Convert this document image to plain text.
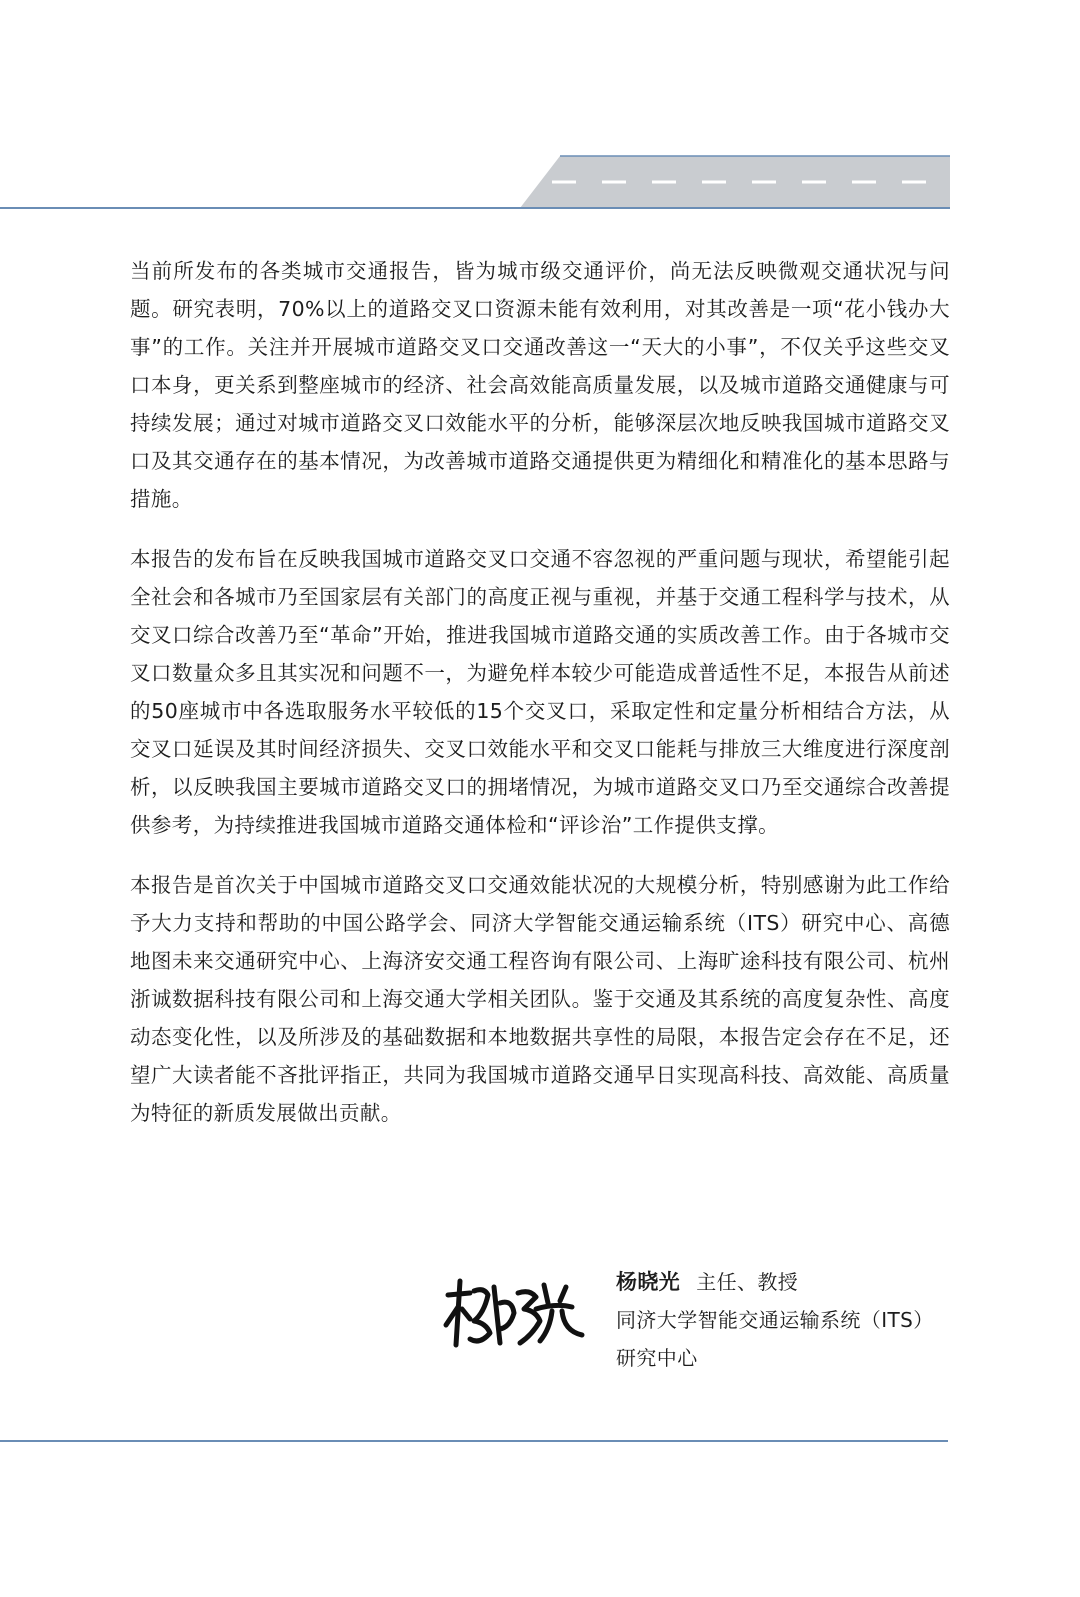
当前所发布的各类城市交通报告，皆为城市级交通评价，尚无法反映微观交通状况与问题。研究表明，70%以上的道路交叉口资源未能有效利用，对其改善是一项“花小钱办大事”的工作。关注并开展城市道路交叉口交通改善这一“天大的小事”，不仅关乎这些交叉口本身，更关系到整座城市的经济、社会高效能高质量发展，以及城市道路交通健康与可持续发展；通过对城市道路交叉口效能水平的分析，能够深层次地反映我国城市道路交叉口及其交通存在的基本情况，为改善城市道路交通提供更为精细化和精准化的基本思路与措施。

本报告的发布旨在反映我国城市道路交叉口交通不容忽视的严重问题与现状，希望能引起全社会和各城市乃至国家层有关部门的高度正视与重视，并基于交通工程科学与技术，从交叉口综合改善乃至“革命”开始，推进我国城市道路交通的实质改善工作。由于各城市交叉口数量众多且其实况和问题不一，为避免样本较少可能造成普适性不足，本报告从前述的50座城市中各选取服务水平较低的15个交叉口，采取定性和定量分析相结合方法，从交叉口延误及其时间经济损失、交叉口效能水平和交叉口能耗与排放三大维度进行深度剖析，以反映我国主要城市道路交叉口的拥堵情况，为城市道路交叉口乃至交通综合改善提供参考，为持续推进我国城市道路交通体检和“评诊治”工作提供支撑。

本报告是首次关于中国城市道路交叉口交通效能状况的大规模分析，特别感谢为此工作给予大力支持和帮助的中国公路学会、同济大学智能交通运输系统（ITS）研究中心、高德地图未来交通研究中心、上海济安交通工程咨询有限公司、上海旷途科技有限公司、杭州浙诚数据科技有限公司和上海交通大学相关团队。鉴于交通及其系统的高度复杂性、高度动态变化性，以及所涉及的基础数据和本地数据共享性的局限，本报告定会存在不足，还望广大读者能不吝批评指正，共同为我国城市道路交通早日实现高科技、高效能、高质量为特征的新质发展做出贡献。

杨晓光 主任、教授

同济大学智能交通运输系统（ITS）

研究中心
